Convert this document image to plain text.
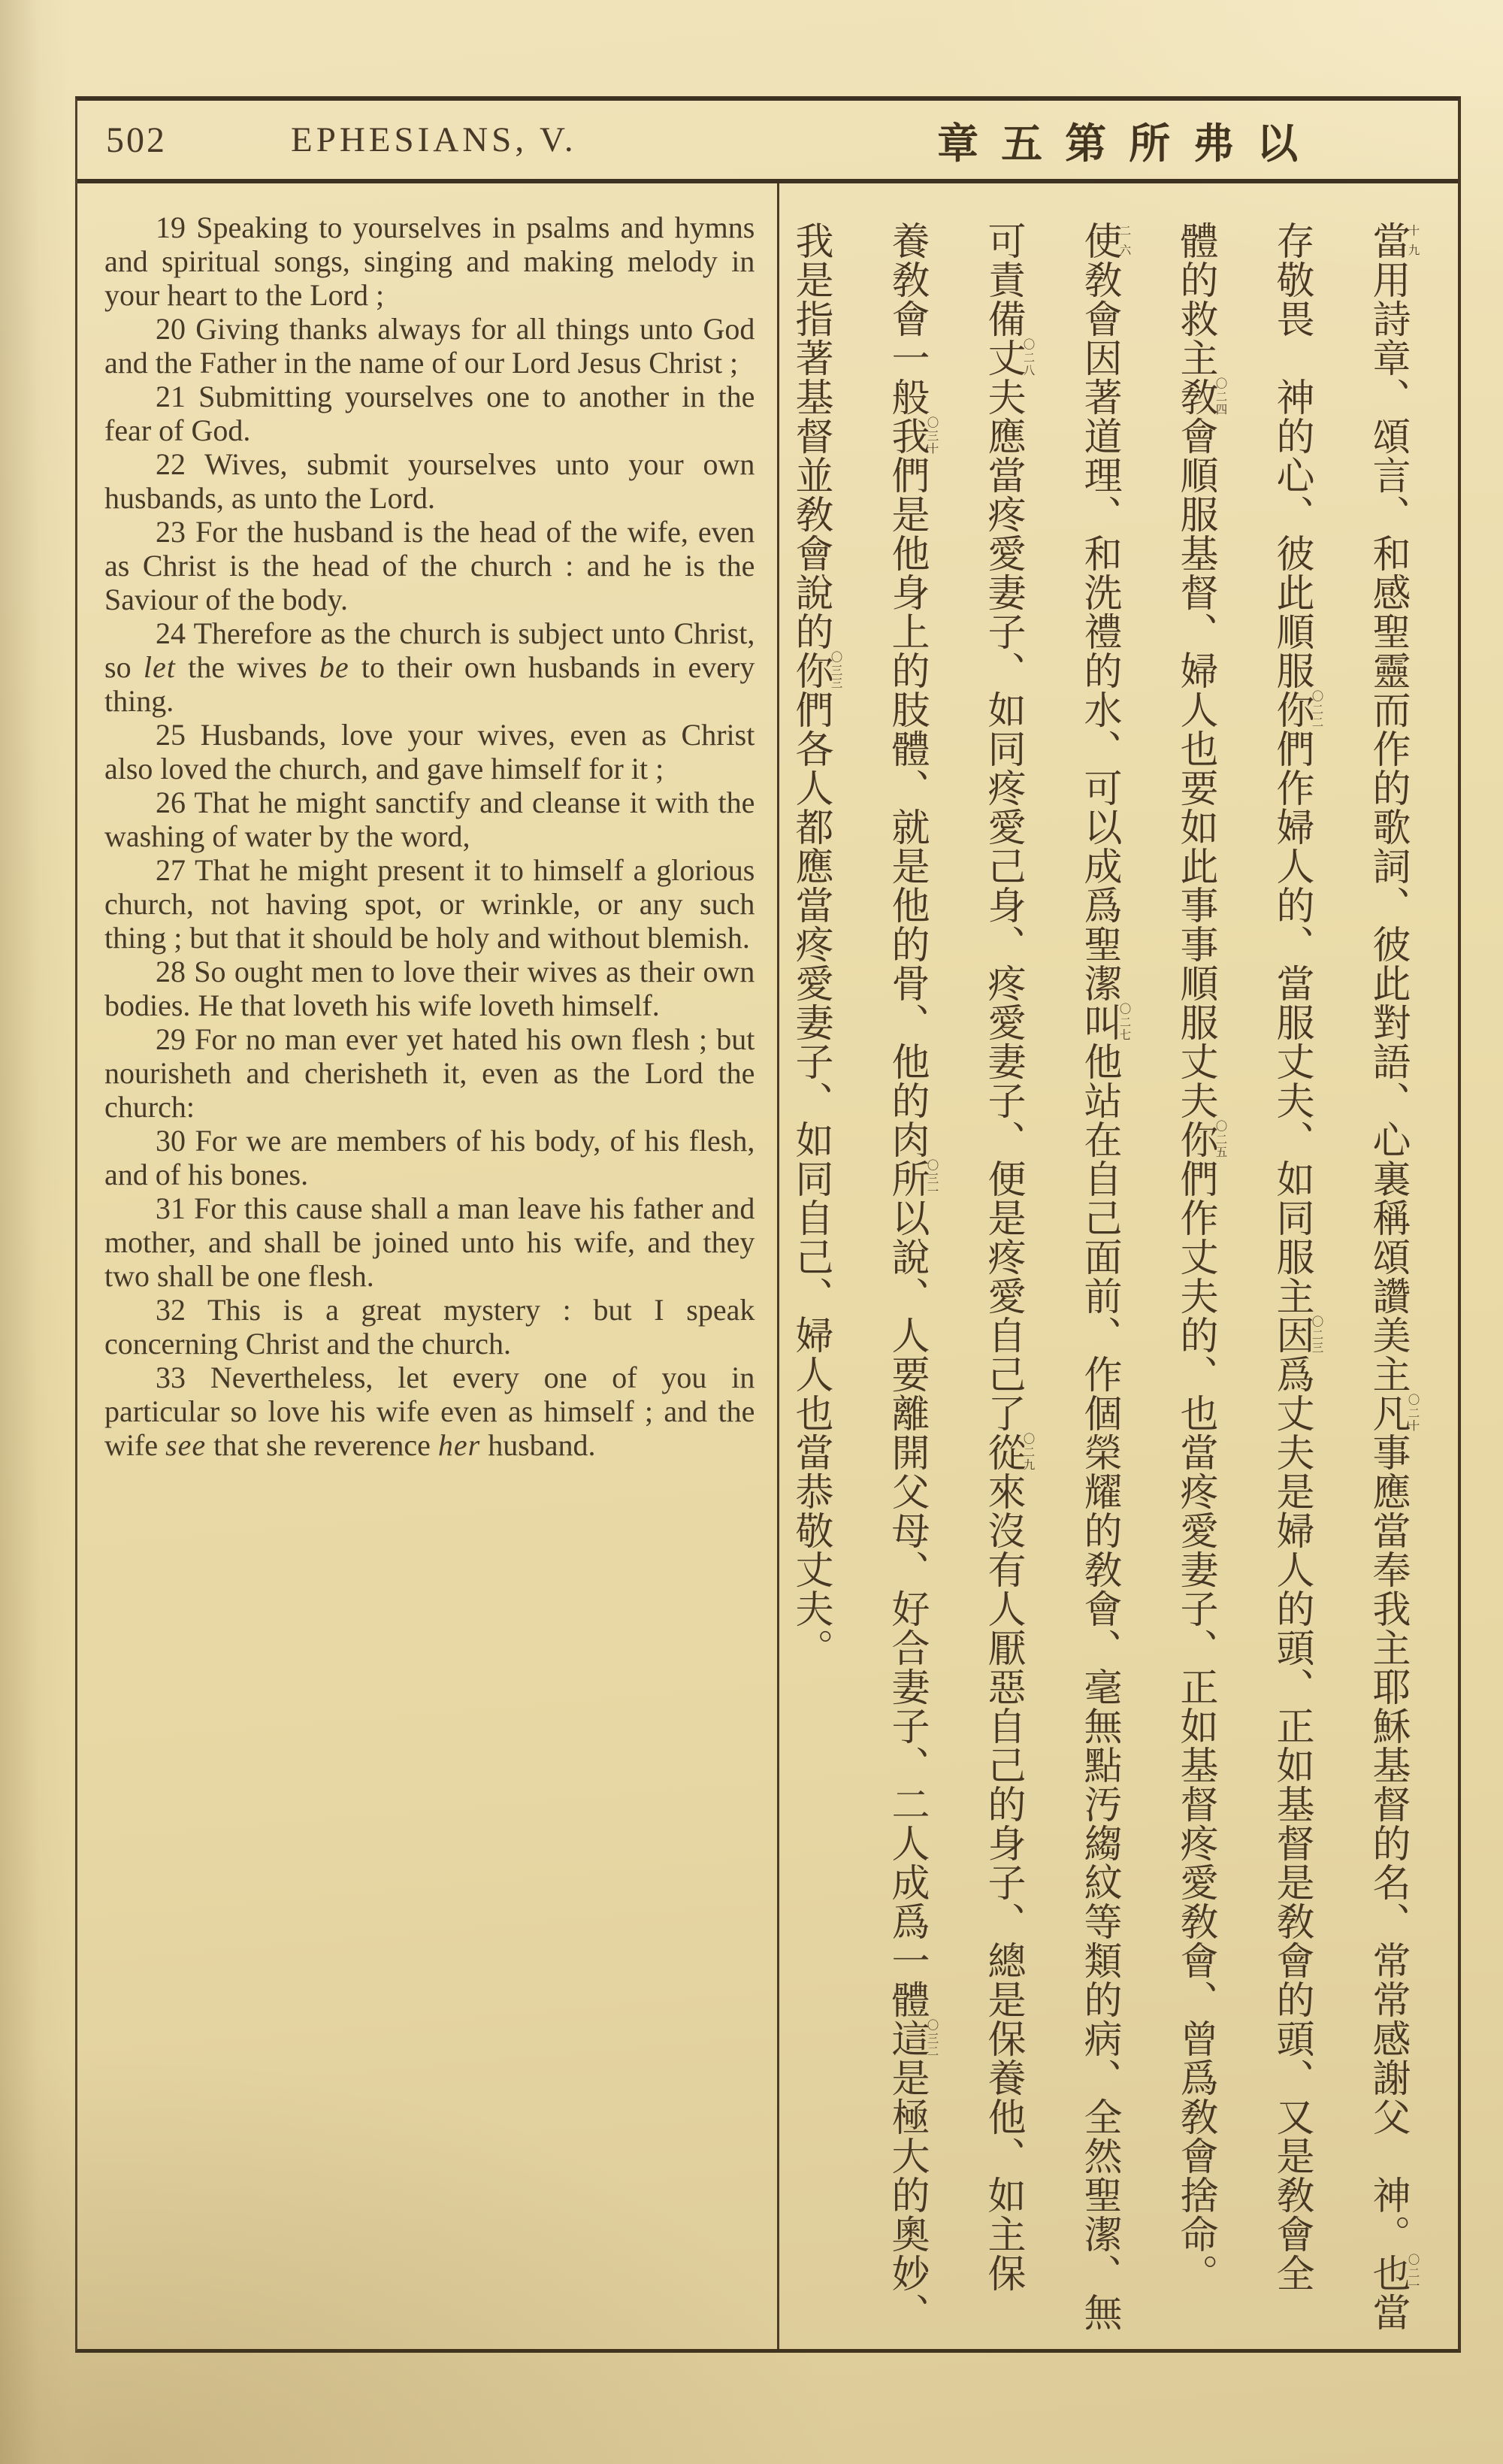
502	EPHESIANS, V.	章五第所弗以

19 Speaking to yourselves in psalms and hymns and spiritual songs, singing and making melody in your heart to the Lord ;

20 Giving thanks always for all things unto God and the Father in the name of our Lord Jesus Christ ;

21 Submitting yourselves one to another in the fear of God.

22 Wives, submit yourselves unto your own husbands, as unto the Lord.

23 For the husband is the head of the wife, even as Christ is the head of the church : and he is the Saviour of the body.

24 Therefore as the church is subject unto Christ, so let the wives be to their own husbands in every thing.

25 Husbands, love your wives, even as Christ also loved the church, and gave himself for it ;

26 That he might sanctify and cleanse it with the washing of water by the word,

27 That he might present it to himself a glorious church, not having spot, or wrinkle, or any such thing ; but that it should be holy and without blemish.

28 So ought men to love their wives as their own bodies. He that loveth his wife loveth himself.

29 For no man ever yet hated his own flesh ; but nourisheth and cherisheth it, even as the Lord the church:

30 For we are members of his body, of his flesh, and of his bones.

31 For this cause shall a man leave his father and mother, and shall be joined unto his wife, and they two shall be one flesh.

32 This is a great mystery : but I speak concerning Christ and the church.

33 Nevertheless, let every one of you in particular so love his wife even as himself ; and the wife see that she reverence her husband.

當十九用詩章、頌言、和感聖靈而作的歌詞、彼此對語、心裏稱頌讚美主凡〇二十事應當奉我主耶穌基督的名、常常感謝父　神。也〇二一當
存敬畏　神的心、彼此順服你〇二二們作婦人的、當服丈夫、如同服主因〇二三爲丈夫是婦人的頭、正如基督是敎會的頭、又是敎會全
體的救主敎〇二四會順服基督、婦人也要如此事事順服丈夫你〇二五們作丈夫的、也當疼愛妻子、正如基督疼愛敎會、曾爲敎會捨命。
使二六敎會因著道理、和洗禮的水、可以成爲聖潔叫〇二七他站在自己面前、作個榮耀的敎會、毫無點汚縐紋等類的病、全然聖潔、無
可責備丈〇二八夫應當疼愛妻子、如同疼愛己身、疼愛妻子、便是疼愛自己了從〇二九來沒有人厭惡自己的身子、總是保養他、如主保
養敎會一般我〇三十們是他身上的肢體、就是他的骨、他的肉所〇三一以說、人要離開父母、好合妻子、二人成爲一體這〇三二是極大的奧妙、
我是指著基督並敎會說的你〇三三們各人都應當疼愛妻子、如同自己、婦人也當恭敬丈夫。
